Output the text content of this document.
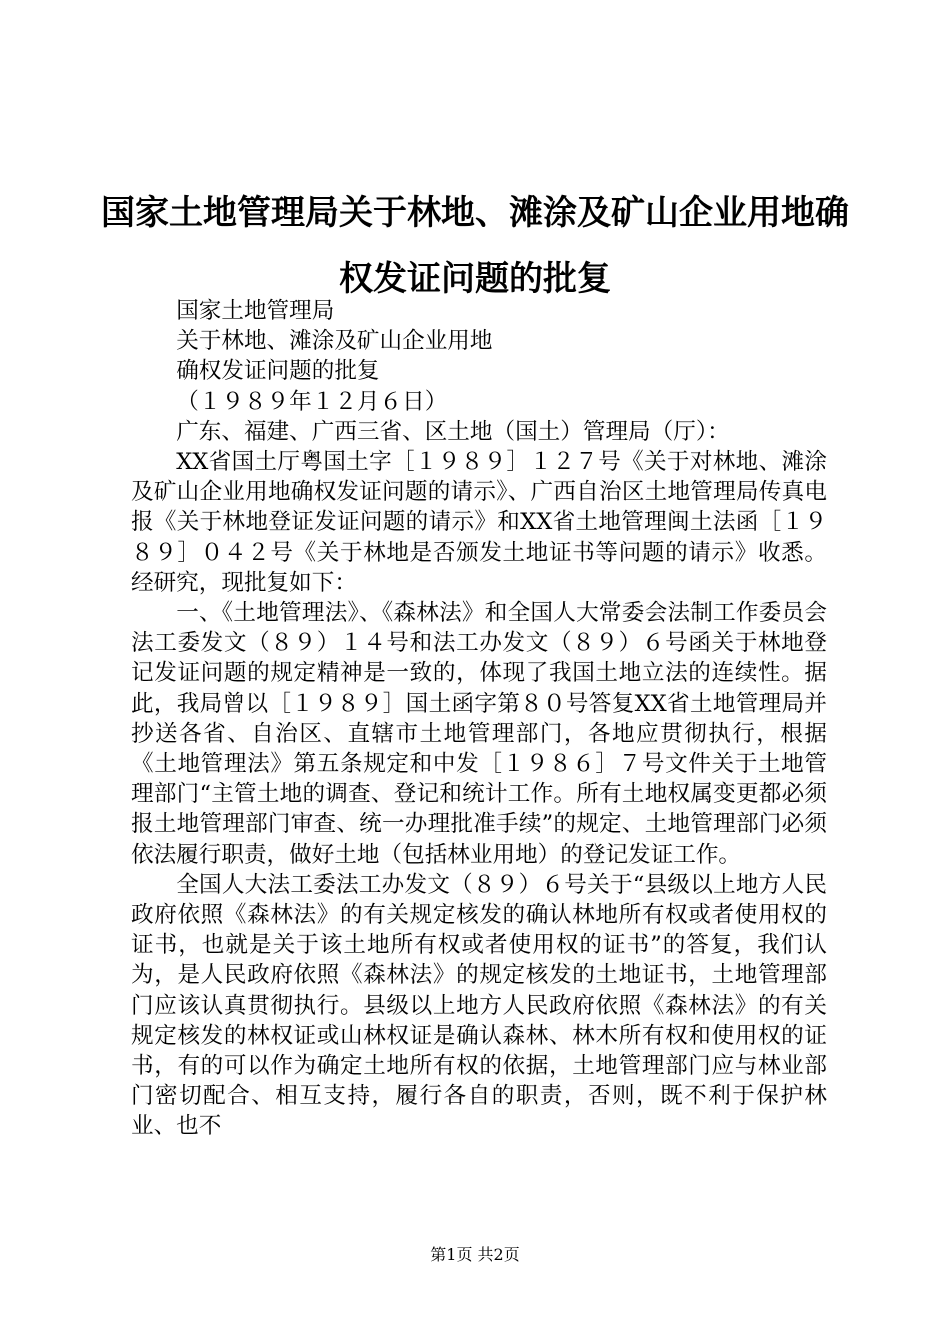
国家土地管理局关于林地、滩涂及矿山企业用地确权发证问题的批复

国家土地管理局

关于林地、滩涂及矿山企业用地

确权发证问题的批复

（１９８９年１２月６日）

广东、福建、广西三省、区土地（国土）管理局（厅）：

XX省国土厅粤国土字［１９８９］１２７号《关于对林地、滩涂及矿山企业用地确权发证问题的请示》、广西自治区土地管理局传真电报《关于林地登证发证问题的请示》和XX省土地管理闽土法函［１９８９］０４２号《关于林地是否颁发土地证书等问题的请示》收悉。经研究，现批复如下：

一、《土地管理法》、《森林法》和全国人大常委会法制工作委员会法工委发文（８９）１４号和法工办发文（８９）６号函关于林地登记发证问题的规定精神是一致的，体现了我国土地立法的连续性。据此，我局曾以［１９８９］国土函字第８０号答复XX省土地管理局并抄送各省、自治区、直辖市土地管理部门，各地应贯彻执行，根据《土地管理法》第五条规定和中发［１９８６］７号文件关于土地管理部门“主管土地的调查、登记和统计工作。所有土地权属变更都必须报土地管理部门审查、统一办理批准手续”的规定、土地管理部门必须依法履行职责，做好土地（包括林业用地）的登记发证工作。

全国人大法工委法工办发文（８９）６号关于“县级以上地方人民政府依照《森林法》的有关规定核发的确认林地所有权或者使用权的证书，也就是关于该土地所有权或者使用权的证书”的答复，我们认为，是人民政府依照《森林法》的规定核发的土地证书，土地管理部门应该认真贯彻执行。县级以上地方人民政府依照《森林法》的有关规定核发的林权证或山林权证是确认森林、林木所有权和使用权的证书，有的可以作为确定土地所有权的依据，土地管理部门应与林业部门密切配合、相互支持，履行各自的职责，否则，既不利于保护林业、也不

第1页 共2页
